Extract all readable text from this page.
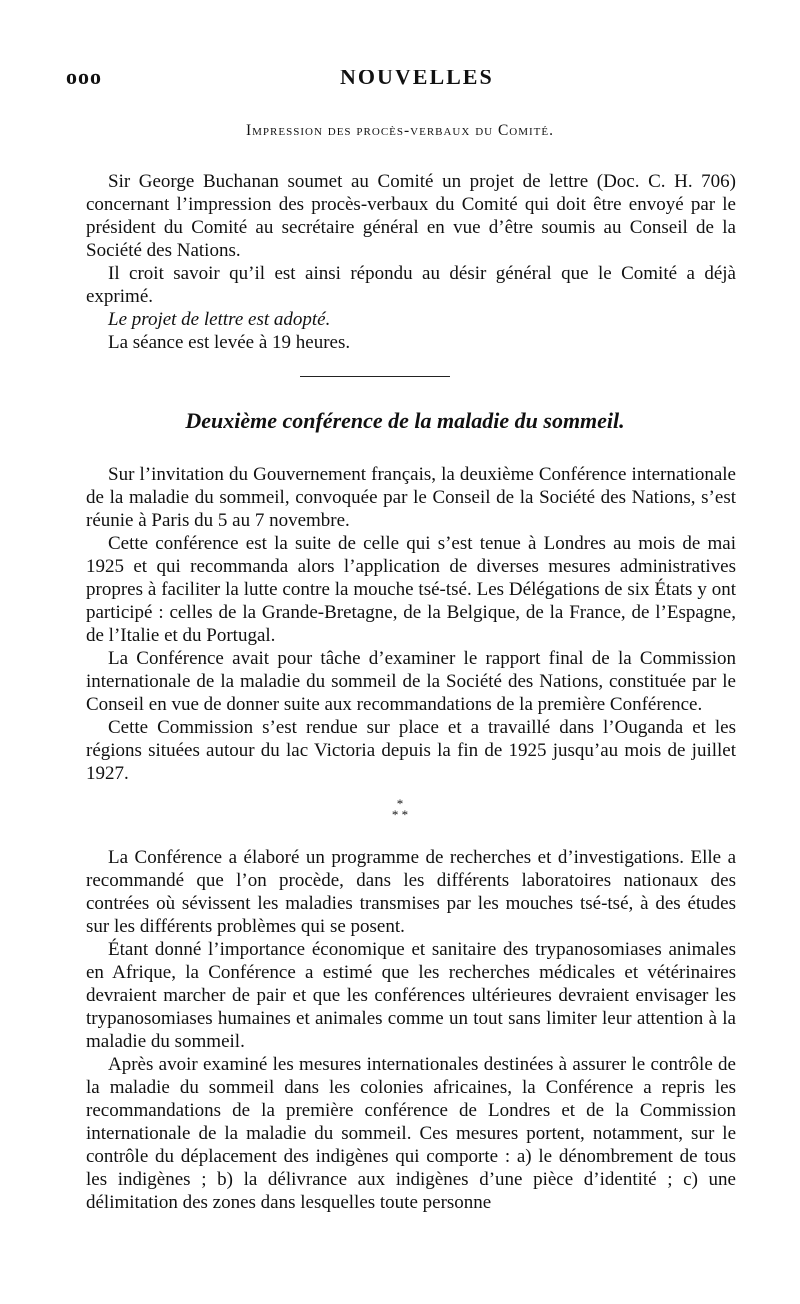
ooo	NOUVELLES
Impression des procès-verbaux du Comité.

Sir George Buchanan soumet au Comité un projet de lettre (Doc. C. H. 706) concernant l’impression des procès-verbaux du Comité qui doit être envoyé par le président du Comité au secrétaire général en vue d’être soumis au Conseil de la Société des Nations.

Il croit savoir qu’il est ainsi répondu au désir général que le Comité a déjà exprimé.

Le projet de lettre est adopté.

La séance est levée à 19 heures.

Deuxième conférence de la maladie du sommeil.

Sur l’invitation du Gouvernement français, la deuxième Conférence internationale de la maladie du sommeil, convoquée par le Conseil de la Société des Nations, s’est réunie à Paris du 5 au 7 novembre.

Cette conférence est la suite de celle qui s’est tenue à Londres au mois de mai 1925 et qui recommanda alors l’application de diverses mesures administratives propres à faciliter la lutte contre la mouche tsé-tsé. Les Délégations de six États y ont participé : celles de la Grande-Bretagne, de la Belgique, de la France, de l’Espagne, de l’Italie et du Portugal.

La Conférence avait pour tâche d’examiner le rapport final de la Commission internationale de la maladie du sommeil de la Société des Nations, constituée par le Conseil en vue de donner suite aux recommandations de la première Conférence.

Cette Commission s’est rendue sur place et a travaillé dans l’Ouganda et les régions situées autour du lac Victoria depuis la fin de 1925 jusqu’au mois de juillet 1927.

*
* *

La Conférence a élaboré un programme de recherches et d’investigations. Elle a recommandé que l’on procède, dans les différents laboratoires nationaux des contrées où sévissent les maladies transmises par les mouches tsé-tsé, à des études sur les différents problèmes qui se posent.

Étant donné l’importance économique et sanitaire des trypanosomiases animales en Afrique, la Conférence a estimé que les recherches médicales et vétérinaires devraient marcher de pair et que les conférences ultérieures devraient envisager les trypanosomiases humaines et animales comme un tout sans limiter leur attention à la maladie du sommeil.

Après avoir examiné les mesures internationales destinées à assurer le contrôle de la maladie du sommeil dans les colonies africaines, la Conférence a repris les recommandations de la première conférence de Londres et de la Commission internationale de la maladie du sommeil. Ces mesures portent, notamment, sur le contrôle du déplacement des indigènes qui comporte : a) le dénombrement de tous les indigènes ; b) la délivrance aux indigènes d’une pièce d’identité ; c) une délimitation des zones dans lesquelles toute personne
